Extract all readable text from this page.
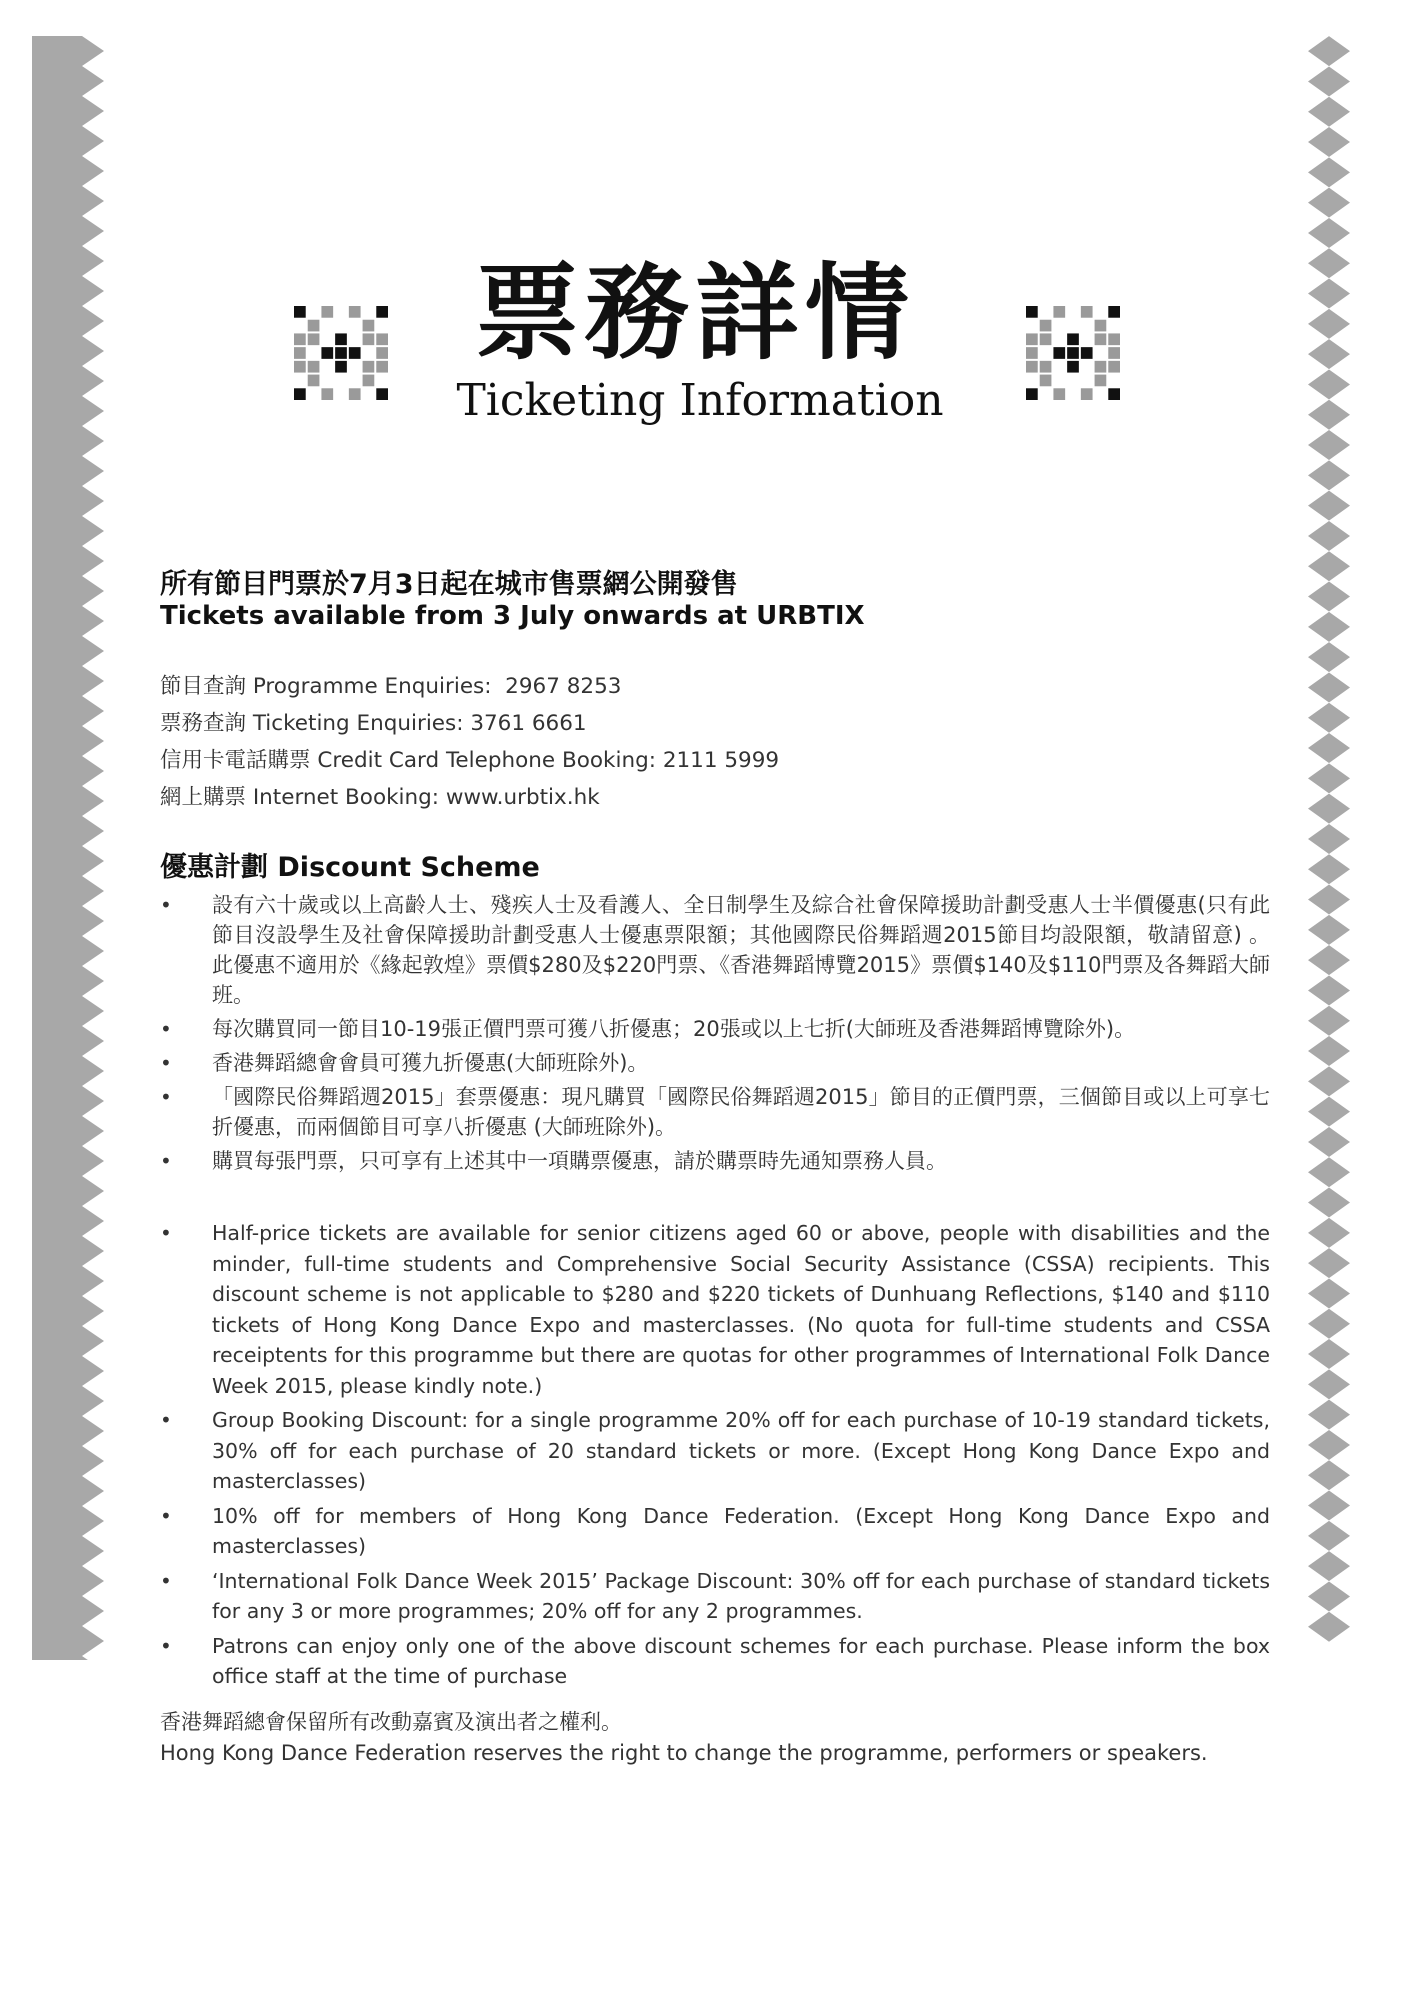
票務詳情
Ticketing Information
所有節目門票於7月3日起在城市售票網公開發售
Tickets available from 3 July onwards at URBTIX
節目查詢 Programme Enquiries: 2967 8253
票務查詢 Ticketing Enquiries: 3761 6661
信用卡電話購票 Credit Card Telephone Booking: 2111 5999
網上購票 Internet Booking: www.urbtix.hk
優惠計劃 Discount Scheme
•	設有六十歲或以上高齡人士、殘疾人士及看護人、全日制學生及綜合社會保障援助計劃受惠人士半價優惠(只有此節目沒設學生及社會保障援助計劃受惠人士優惠票限額；其他國際民俗舞蹈週2015節目均設限額，敬請留意) 。 此優惠不適用於《緣起敦煌》票價$280及$220門票、《香港舞蹈博覽2015》票價$140及$110門票及各舞蹈大師班。
•	每次購買同一節目10-19張正價門票可獲八折優惠；20張或以上七折(大師班及香港舞蹈博覽除外)。
•	香港舞蹈總會會員可獲九折優惠(大師班除外)。
•	「國際民俗舞蹈週2015」套票優惠：現凡購買「國際民俗舞蹈週2015」節目的正價門票，三個節目或以上可享七折優惠，而兩個節目可享八折優惠 (大師班除外)。
•	購買每張門票，只可享有上述其中一項購票優惠，請於購票時先通知票務人員。
•	Half-price tickets are available for senior citizens aged 60 or above, people with disabilities and the minder, full-time students and Comprehensive Social Security Assistance (CSSA) recipients. This discount scheme is not applicable to $280 and $220 tickets of Dunhuang Reflections, $140 and $110 tickets of Hong Kong Dance Expo and masterclasses. (No quota for full-time students and CSSA receiptents for this programme but there are quotas for other programmes of International Folk Dance Week 2015, please kindly note.)
•	Group Booking Discount: for a single programme 20% off for each purchase of 10-19 standard tickets, 30% off for each purchase of 20 standard tickets or more. (Except Hong Kong Dance Expo and masterclasses)
•	10% off for members of Hong Kong Dance Federation. (Except Hong Kong Dance Expo and masterclasses)
•	‘International Folk Dance Week 2015’ Package Discount: 30% off for each purchase of standard tickets for any 3 or more programmes; 20% off for any 2 programmes.
•	Patrons can enjoy only one of the above discount schemes for each purchase. Please inform the box office staff at the time of purchase
香港舞蹈總會保留所有改動嘉賓及演出者之權利。
Hong Kong Dance Federation reserves the right to change the programme, performers or speakers.
